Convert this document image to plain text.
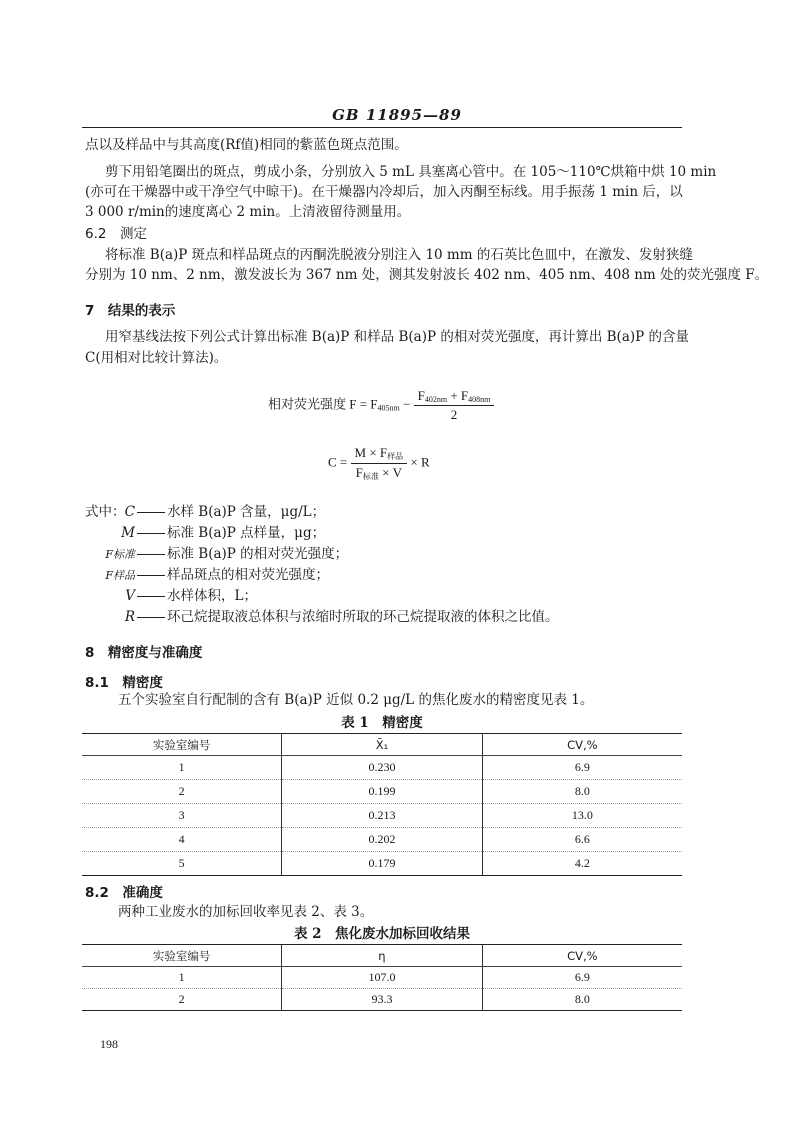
GB 11895—89
点以及样品中与其高度(Rf值)相同的紫蓝色斑点范围。
剪下用铅笔圈出的斑点，剪成小条，分别放入 5 mL 具塞离心管中。在 105～110℃烘箱中烘 10 min
(亦可在干燥器中或干净空气中晾干)。在干燥器内冷却后，加入丙酮至标线。用手振荡 1 min 后，以
3 000 r/min的速度离心 2 min。上清液留待测量用。
6.2　测定
将标准 B(a)P 斑点和样品斑点的丙酮洗脱液分别注入 10 mm 的石英比色皿中，在激发、发射狭缝
分别为 10 nm、2 nm，激发波长为 367 nm 处，测其发射波长 402 nm、405 nm、408 nm 处的荧光强度 F。
7　结果的表示
用窄基线法按下列公式计算出标准 B(a)P 和样品 B(a)P 的相对荧光强度，再计算出 B(a)P 的含量
C(用相对比较计算法)。
相对荧光强度 $F = F_{405nm} - \frac{F_{402nm} + F_{408nm}}{2}$
$C = \frac{M \times F_{样品}}{F_{标准} \times V} \times R$
式中： C 水样 B(a)P 含量，μg/L；
M 标准 B(a)P 点样量，μg；
F标准 标准 B(a)P 的相对荧光强度；
F样品 样品斑点的相对荧光强度；
V 水样体积，L；
R 环己烷提取液总体积与浓缩时所取的环己烷提取液的体积之比值。
8　精密度与准确度
8.1　精密度
五个实验室自行配制的含有 B(a)P 近似 0.2 μg/L 的焦化废水的精密度见表 1。
表 1　精密度
实验室编号	X̄₁	CV,%
1	0.230	6.9
2	0.199	8.0
3	0.213	13.0
4	0.202	6.6
5	0.179	4.2
8.2　准确度
两种工业废水的加标回收率见表 2、表 3。
表 2　焦化废水加标回收结果
实验室编号	η	CV,%
1	107.0	6.9
2	93.3	8.0
198
